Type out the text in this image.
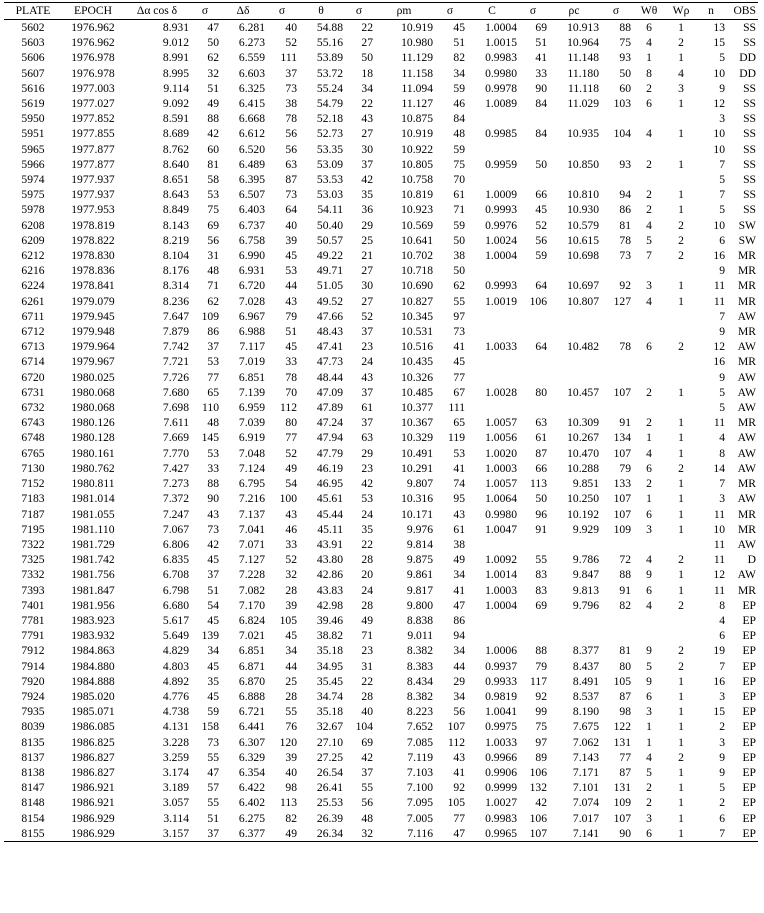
PLATE	EPOCH	Δα cos δ	σ	Δδ	σ	θ	σ	ρm	σ	C	σ	ρc	σ	Wθ	Wρ	n	OBS
5602	1976.962	8.931	47	6.281	40	54.88	22	10.919	45	1.0004	69	10.913	88	6	1	13	SS
5603	1976.962	9.012	50	6.273	52	55.16	27	10.980	51	1.0015	51	10.964	75	4	2	15	SS
5606	1976.978	8.991	62	6.559	111	53.89	50	11.129	82	0.9983	41	11.148	93	1	1	5	DD
5607	1976.978	8.995	32	6.603	37	53.72	18	11.158	34	0.9980	33	11.180	50	8	4	10	DD
5616	1977.003	9.114	51	6.325	73	55.24	34	11.094	59	0.9978	90	11.118	60	2	3	9	SS
5619	1977.027	9.092	49	6.415	38	54.79	22	11.127	46	1.0089	84	11.029	103	6	1	12	SS
5950	1977.852	8.591	88	6.668	78	52.18	43	10.875	84							3	SS
5951	1977.855	8.689	42	6.612	56	52.73	27	10.919	48	0.9985	84	10.935	104	4	1	10	SS
5965	1977.877	8.762	60	6.520	56	53.35	30	10.922	59							10	SS
5966	1977.877	8.640	81	6.489	63	53.09	37	10.805	75	0.9959	50	10.850	93	2	1	7	SS
5974	1977.937	8.651	58	6.395	87	53.53	42	10.758	70							5	SS
5975	1977.937	8.643	53	6.507	73	53.03	35	10.819	61	1.0009	66	10.810	94	2	1	7	SS
5978	1977.953	8.849	75	6.403	64	54.11	36	10.923	71	0.9993	45	10.930	86	2	1	5	SS
6208	1978.819	8.143	69	6.737	40	50.40	29	10.569	59	0.9976	52	10.579	81	4	2	10	SW
6209	1978.822	8.219	56	6.758	39	50.57	25	10.641	50	1.0024	56	10.615	78	5	2	6	SW
6212	1978.830	8.104	31	6.990	45	49.22	21	10.702	38	1.0004	59	10.698	73	7	2	16	MR
6216	1978.836	8.176	48	6.931	53	49.71	27	10.718	50							9	MR
6224	1978.841	8.314	71	6.720	44	51.05	30	10.690	62	0.9993	64	10.697	92	3	1	11	MR
6261	1979.079	8.236	62	7.028	43	49.52	27	10.827	55	1.0019	106	10.807	127	4	1	11	MR
6711	1979.945	7.647	109	6.967	79	47.66	52	10.345	97							7	AW
6712	1979.948	7.879	86	6.988	51	48.43	37	10.531	73							9	MR
6713	1979.964	7.742	37	7.117	45	47.41	23	10.516	41	1.0033	64	10.482	78	6	2	12	AW
6714	1979.967	7.721	53	7.019	33	47.73	24	10.435	45							16	MR
6720	1980.025	7.726	77	6.851	78	48.44	43	10.326	77							9	AW
6731	1980.068	7.680	65	7.139	70	47.09	37	10.485	67	1.0028	80	10.457	107	2	1	5	AW
6732	1980.068	7.698	110	6.959	112	47.89	61	10.377	111							5	AW
6743	1980.126	7.611	48	7.039	80	47.24	37	10.367	65	1.0057	63	10.309	91	2	1	11	MR
6748	1980.128	7.669	145	6.919	77	47.94	63	10.329	119	1.0056	61	10.267	134	1	1	4	AW
6765	1980.161	7.770	53	7.048	52	47.79	29	10.491	53	1.0020	87	10.470	107	4	1	8	AW
7130	1980.762	7.427	33	7.124	49	46.19	23	10.291	41	1.0003	66	10.288	79	6	2	14	AW
7152	1980.811	7.273	88	6.795	54	46.95	42	9.807	74	1.0057	113	9.851	133	2	1	7	MR
7183	1981.014	7.372	90	7.216	100	45.61	53	10.316	95	1.0064	50	10.250	107	1	1	3	AW
7187	1981.055	7.247	43	7.137	43	45.44	24	10.171	43	0.9980	96	10.192	107	6	1	11	MR
7195	1981.110	7.067	73	7.041	46	45.11	35	9.976	61	1.0047	91	9.929	109	3	1	10	MR
7322	1981.729	6.806	42	7.071	33	43.91	22	9.814	38							11	AW
7325	1981.742	6.835	45	7.127	52	43.80	28	9.875	49	1.0092	55	9.786	72	4	2	11	D
7332	1981.756	6.708	37	7.228	32	42.86	20	9.861	34	1.0014	83	9.847	88	9	1	12	AW
7393	1981.847	6.798	51	7.082	28	43.83	24	9.817	41	1.0003	83	9.813	91	6	1	11	MR
7401	1981.956	6.680	54	7.170	39	42.98	28	9.800	47	1.0004	69	9.796	82	4	2	8	EP
7781	1983.923	5.617	45	6.824	105	39.46	49	8.838	86							4	EP
7791	1983.932	5.649	139	7.021	45	38.82	71	9.011	94							6	EP
7912	1984.863	4.829	34	6.851	34	35.18	23	8.382	34	1.0006	88	8.377	81	9	2	19	EP
7914	1984.880	4.803	45	6.871	44	34.95	31	8.383	44	0.9937	79	8.437	80	5	2	7	EP
7920	1984.888	4.892	35	6.870	25	35.45	22	8.434	29	0.9933	117	8.491	105	9	1	16	EP
7924	1985.020	4.776	45	6.888	28	34.74	28	8.382	34	0.9819	92	8.537	87	6	1	3	EP
7935	1985.071	4.738	59	6.721	55	35.18	40	8.223	56	1.0041	99	8.190	98	3	1	15	EP
8039	1986.085	4.131	158	6.441	76	32.67	104	7.652	107	0.9975	75	7.675	122	1	1	2	EP
8135	1986.825	3.228	73	6.307	120	27.10	69	7.085	112	1.0033	97	7.062	131	1	1	3	EP
8137	1986.827	3.259	55	6.329	39	27.25	42	7.119	43	0.9966	89	7.143	77	4	2	9	EP
8138	1986.827	3.174	47	6.354	40	26.54	37	7.103	41	0.9906	106	7.171	87	5	1	9	EP
8147	1986.921	3.189	57	6.422	98	26.41	55	7.100	92	0.9999	132	7.101	131	2	1	5	EP
8148	1986.921	3.057	55	6.402	113	25.53	56	7.095	105	1.0027	42	7.074	109	2	1	2	EP
8154	1986.929	3.114	51	6.275	82	26.39	48	7.005	77	0.9983	106	7.017	107	3	1	6	EP
8155	1986.929	3.157	37	6.377	49	26.34	32	7.116	47	0.9965	107	7.141	90	6	1	7	EP
